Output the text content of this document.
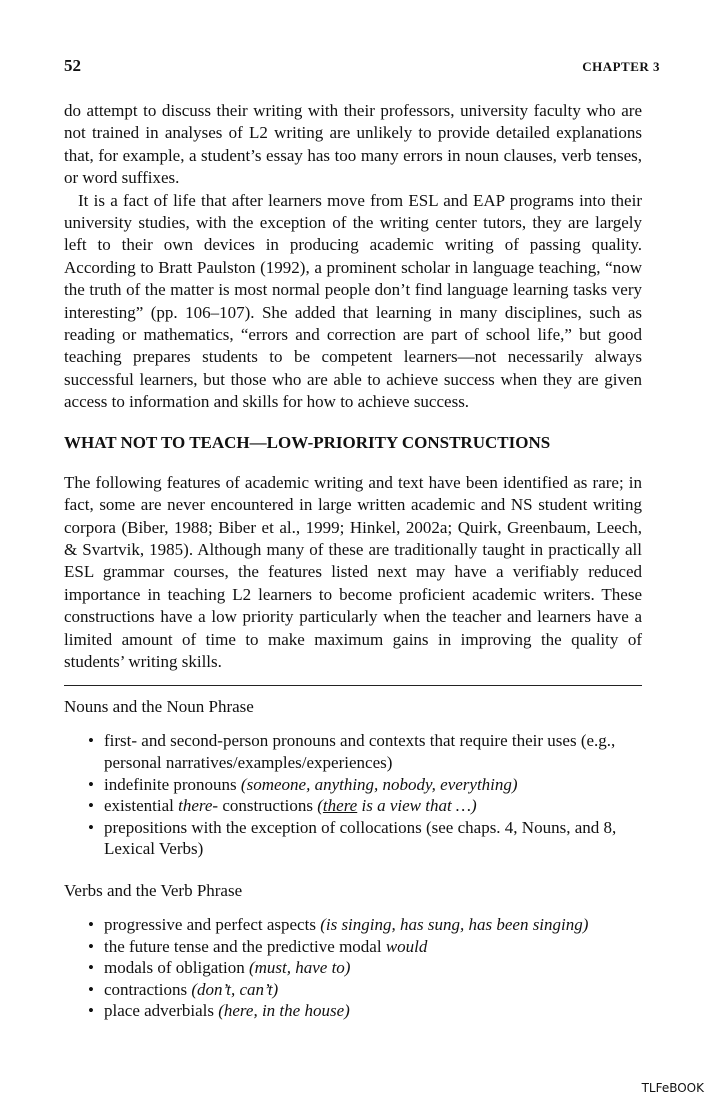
52	CHAPTER 3

do attempt to discuss their writing with their professors, university faculty who are not trained in analyses of L2 writing are unlikely to provide detailed explanations that, for example, a student’s essay has too many errors in noun clauses, verb tenses, or word suffixes.

It is a fact of life that after learners move from ESL and EAP programs into their university studies, with the exception of the writing center tutors, they are largely left to their own devices in producing academic writing of passing quality. According to Bratt Paulston (1992), a prominent scholar in language teaching, “now the truth of the matter is most normal people don’t find language learning tasks very interesting” (pp. 106–107). She added that learning in many disciplines, such as reading or mathematics, “errors and correction are part of school life,” but good teaching prepares students to be competent learners—not necessarily always successful learners, but those who are able to achieve success when they are given access to information and skills for how to achieve success.

WHAT NOT TO TEACH—LOW-PRIORITY CONSTRUCTIONS

The following features of academic writing and text have been identified as rare; in fact, some are never encountered in large written academic and NS student writing corpora (Biber, 1988; Biber et al., 1999; Hinkel, 2002a; Quirk, Greenbaum, Leech, & Svartvik, 1985). Although many of these are traditionally taught in practically all ESL grammar courses, the features listed next may have a verifiably reduced importance in teaching L2 learners to become proficient academic writers. These constructions have a low priority particularly when the teacher and learners have a limited amount of time to make maximum gains in improving the quality of students’ writing skills.

Nouns and the Noun Phrase

• first- and second-person pronouns and contexts that require their uses (e.g., personal narratives/examples/experiences)
• indefinite pronouns (someone, anything, nobody, everything)
• existential there- constructions (there is a view that …)
• prepositions with the exception of collocations (see chaps. 4, Nouns, and 8, Lexical Verbs)

Verbs and the Verb Phrase

• progressive and perfect aspects (is singing, has sung, has been singing)
• the future tense and the predictive modal would
• modals of obligation (must, have to)
• contractions (don’t, can’t)
• place adverbials (here, in the house)

TLFeBOOK
